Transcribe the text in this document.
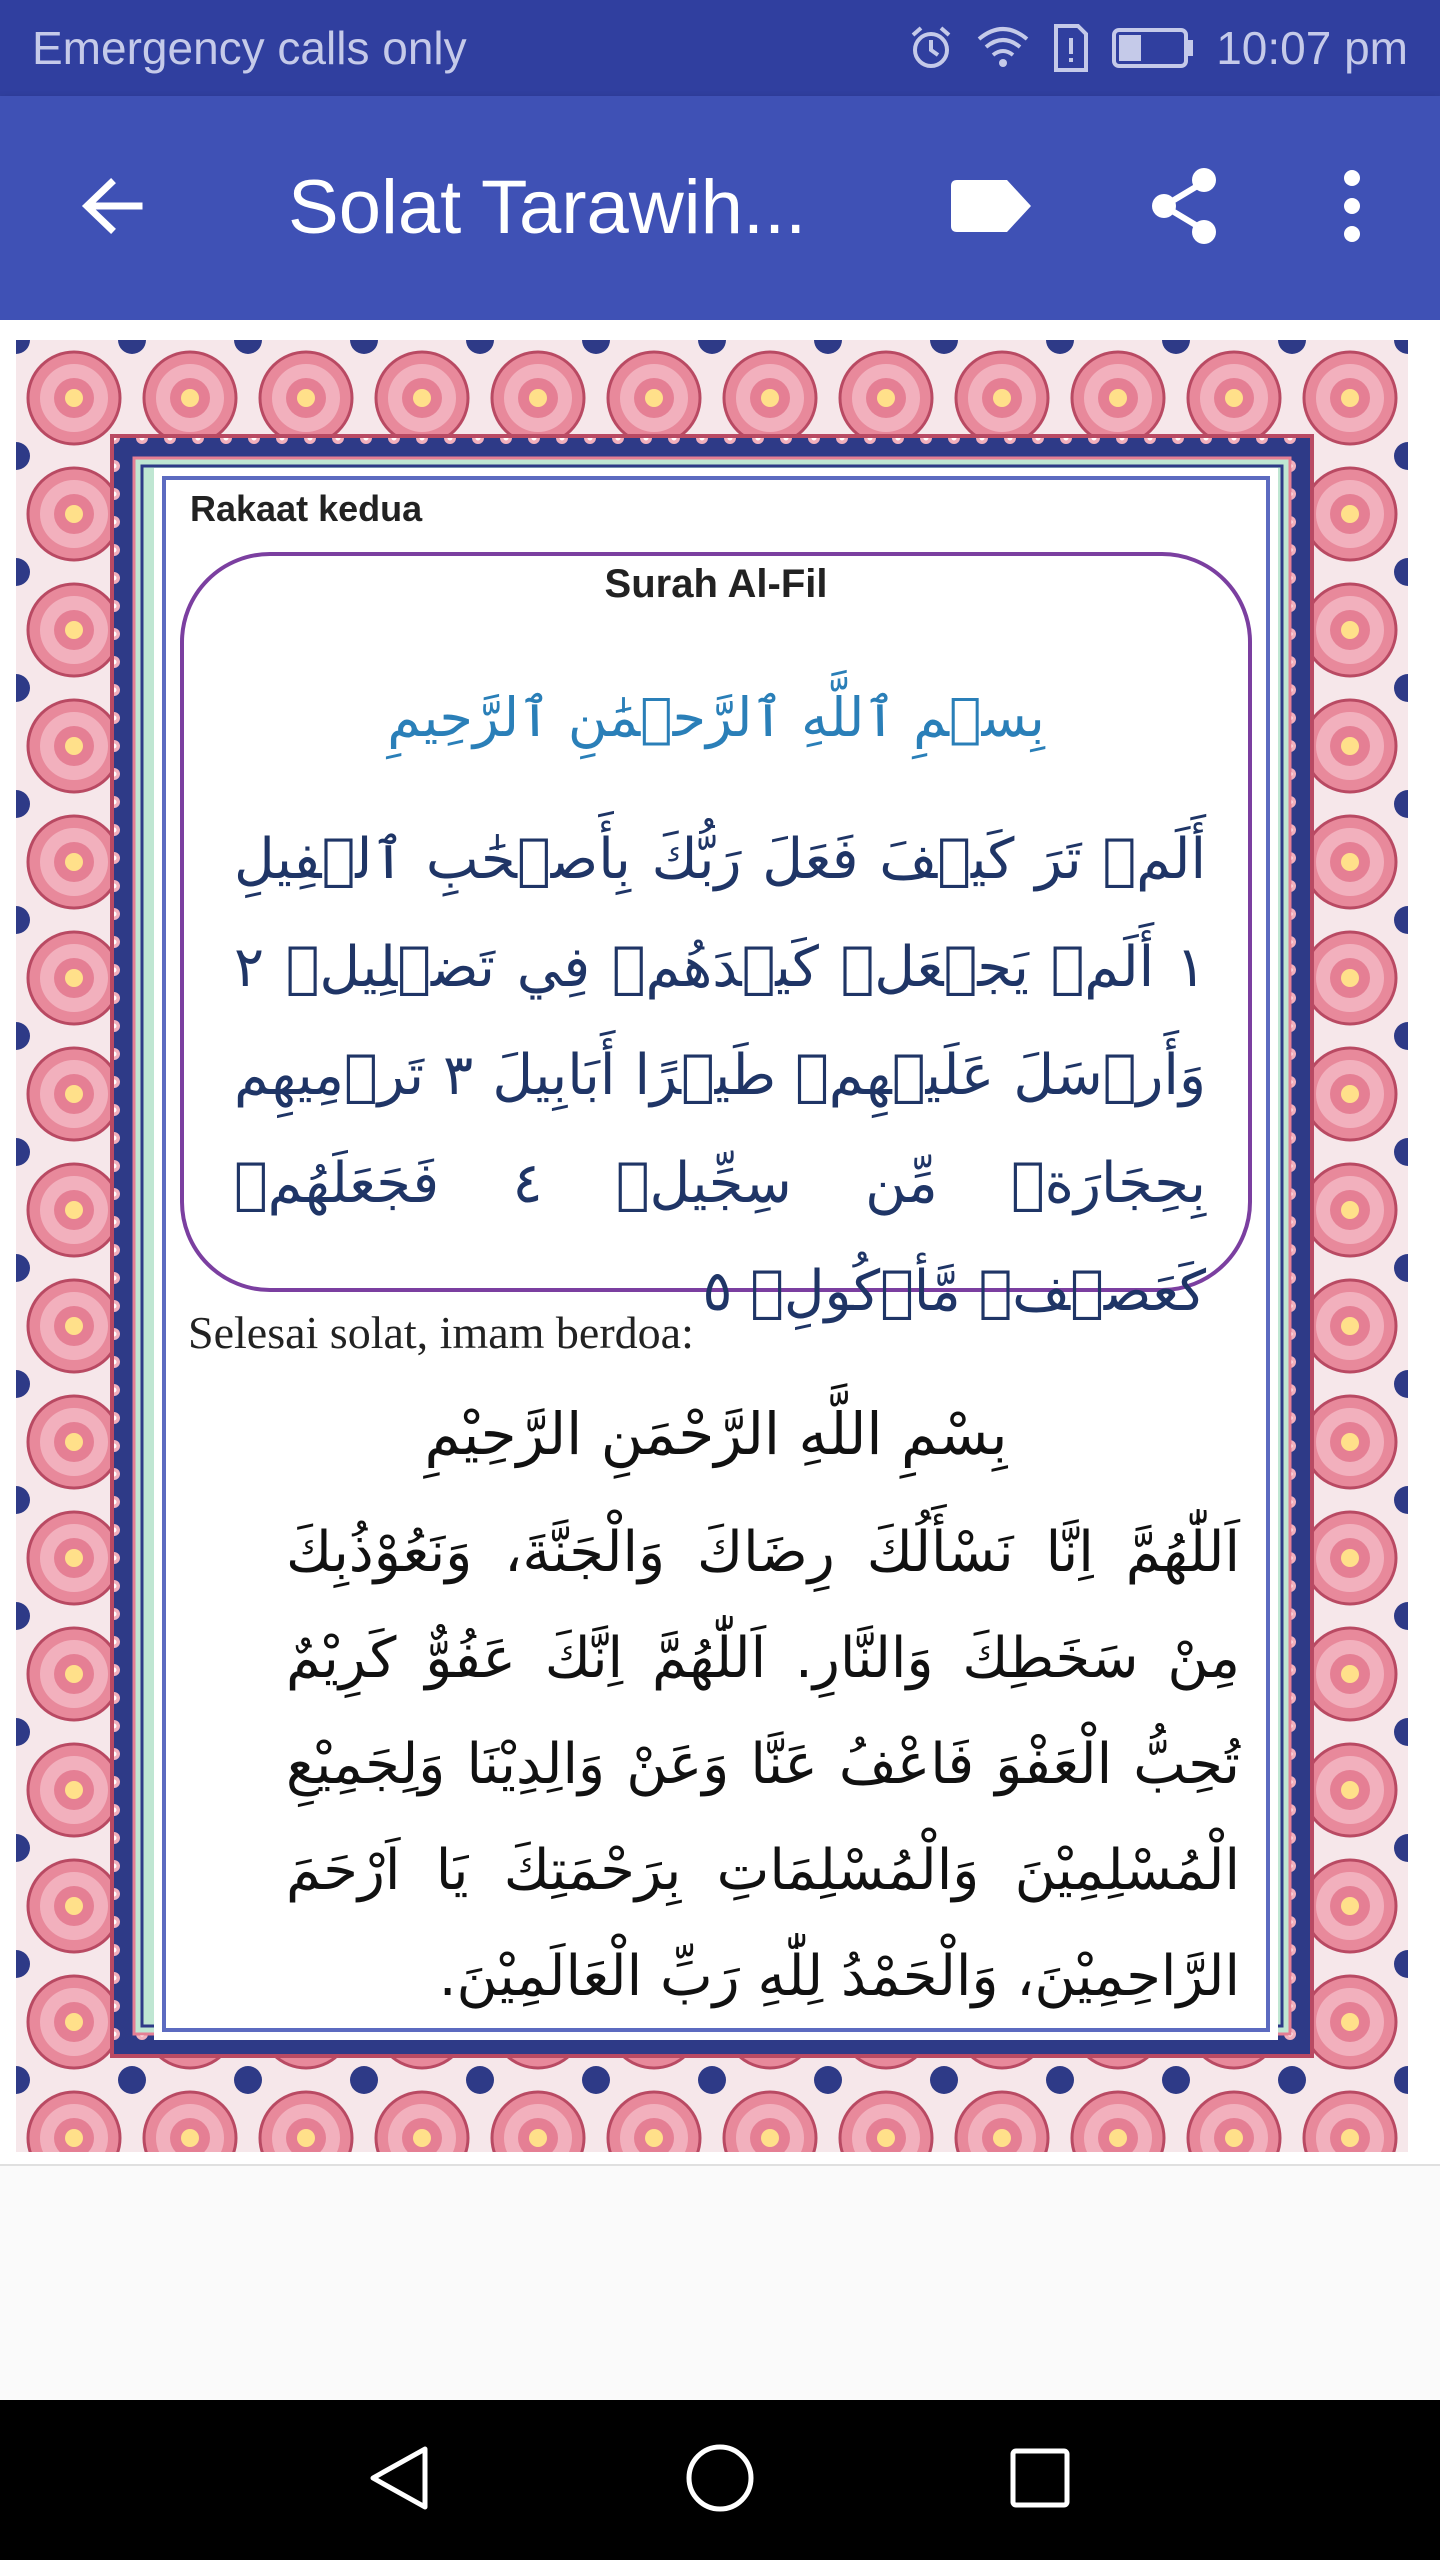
Emergency calls only	10:07 pm
Solat Tarawih...
Rakaat kedua
Surah Al-Fil
بِسۡمِ ٱللَّهِ ٱلرَّحۡمَٰنِ ٱلرَّحِيمِ
أَلَمۡ تَرَ كَيۡفَ فَعَلَ رَبُّكَ بِأَصۡحَٰبِ ٱلۡفِيلِ ١ أَلَمۡ يَجۡعَلۡ كَيۡدَهُمۡ فِي تَضۡلِيلٖ ٢ وَأَرۡسَلَ عَلَيۡهِمۡ طَيۡرًا أَبَابِيلَ ٣ تَرۡمِيهِم بِحِجَارَةٖ مِّن سِجِّيلٖ ٤ فَجَعَلَهُمۡ كَعَصۡفٖ مَّأۡكُولِۭ ٥
Selesai solat, imam berdoa:
بِسْمِ اللَّهِ الرَّحْمَنِ الرَّحِيْمِ
اَللّٰهُمَّ اِنَّا نَسْأَلُكَ رِضَاكَ وَالْجَنَّةَ، وَنَعُوْذُبِكَ مِنْ سَخَطِكَ وَالنَّارِ. اَللّٰهُمَّ اِنَّكَ عَفُوٌّ كَرِيْمٌ تُحِبُّ الْعَفْوَ فَاعْفُ عَنَّا وَعَنْ وَالِدِيْنَا وَلِجَمِيْعِ الْمُسْلِمِيْنَ وَالْمُسْلِمَاتِ بِرَحْمَتِكَ يَا اَرْحَمَ الرَّاحِمِيْنَ، وَالْحَمْدُ لِلّٰهِ رَبِّ الْعَالَمِيْنَ.
